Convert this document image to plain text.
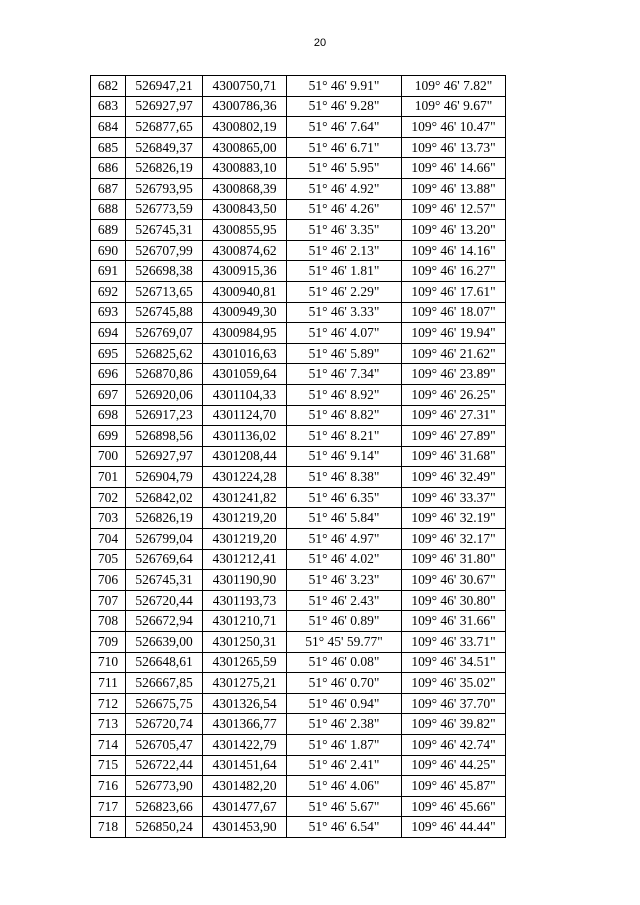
20
682	526947,21	4300750,71	51° 46' 9.91"	109° 46' 7.82"
683	526927,97	4300786,36	51° 46' 9.28"	109° 46' 9.67"
684	526877,65	4300802,19	51° 46' 7.64"	109° 46' 10.47"
685	526849,37	4300865,00	51° 46' 6.71"	109° 46' 13.73"
686	526826,19	4300883,10	51° 46' 5.95"	109° 46' 14.66"
687	526793,95	4300868,39	51° 46' 4.92"	109° 46' 13.88"
688	526773,59	4300843,50	51° 46' 4.26"	109° 46' 12.57"
689	526745,31	4300855,95	51° 46' 3.35"	109° 46' 13.20"
690	526707,99	4300874,62	51° 46' 2.13"	109° 46' 14.16"
691	526698,38	4300915,36	51° 46' 1.81"	109° 46' 16.27"
692	526713,65	4300940,81	51° 46' 2.29"	109° 46' 17.61"
693	526745,88	4300949,30	51° 46' 3.33"	109° 46' 18.07"
694	526769,07	4300984,95	51° 46' 4.07"	109° 46' 19.94"
695	526825,62	4301016,63	51° 46' 5.89"	109° 46' 21.62"
696	526870,86	4301059,64	51° 46' 7.34"	109° 46' 23.89"
697	526920,06	4301104,33	51° 46' 8.92"	109° 46' 26.25"
698	526917,23	4301124,70	51° 46' 8.82"	109° 46' 27.31"
699	526898,56	4301136,02	51° 46' 8.21"	109° 46' 27.89"
700	526927,97	4301208,44	51° 46' 9.14"	109° 46' 31.68"
701	526904,79	4301224,28	51° 46' 8.38"	109° 46' 32.49"
702	526842,02	4301241,82	51° 46' 6.35"	109° 46' 33.37"
703	526826,19	4301219,20	51° 46' 5.84"	109° 46' 32.19"
704	526799,04	4301219,20	51° 46' 4.97"	109° 46' 32.17"
705	526769,64	4301212,41	51° 46' 4.02"	109° 46' 31.80"
706	526745,31	4301190,90	51° 46' 3.23"	109° 46' 30.67"
707	526720,44	4301193,73	51° 46' 2.43"	109° 46' 30.80"
708	526672,94	4301210,71	51° 46' 0.89"	109° 46' 31.66"
709	526639,00	4301250,31	51° 45' 59.77"	109° 46' 33.71"
710	526648,61	4301265,59	51° 46' 0.08"	109° 46' 34.51"
711	526667,85	4301275,21	51° 46' 0.70"	109° 46' 35.02"
712	526675,75	4301326,54	51° 46' 0.94"	109° 46' 37.70"
713	526720,74	4301366,77	51° 46' 2.38"	109° 46' 39.82"
714	526705,47	4301422,79	51° 46' 1.87"	109° 46' 42.74"
715	526722,44	4301451,64	51° 46' 2.41"	109° 46' 44.25"
716	526773,90	4301482,20	51° 46' 4.06"	109° 46' 45.87"
717	526823,66	4301477,67	51° 46' 5.67"	109° 46' 45.66"
718	526850,24	4301453,90	51° 46' 6.54"	109° 46' 44.44"
